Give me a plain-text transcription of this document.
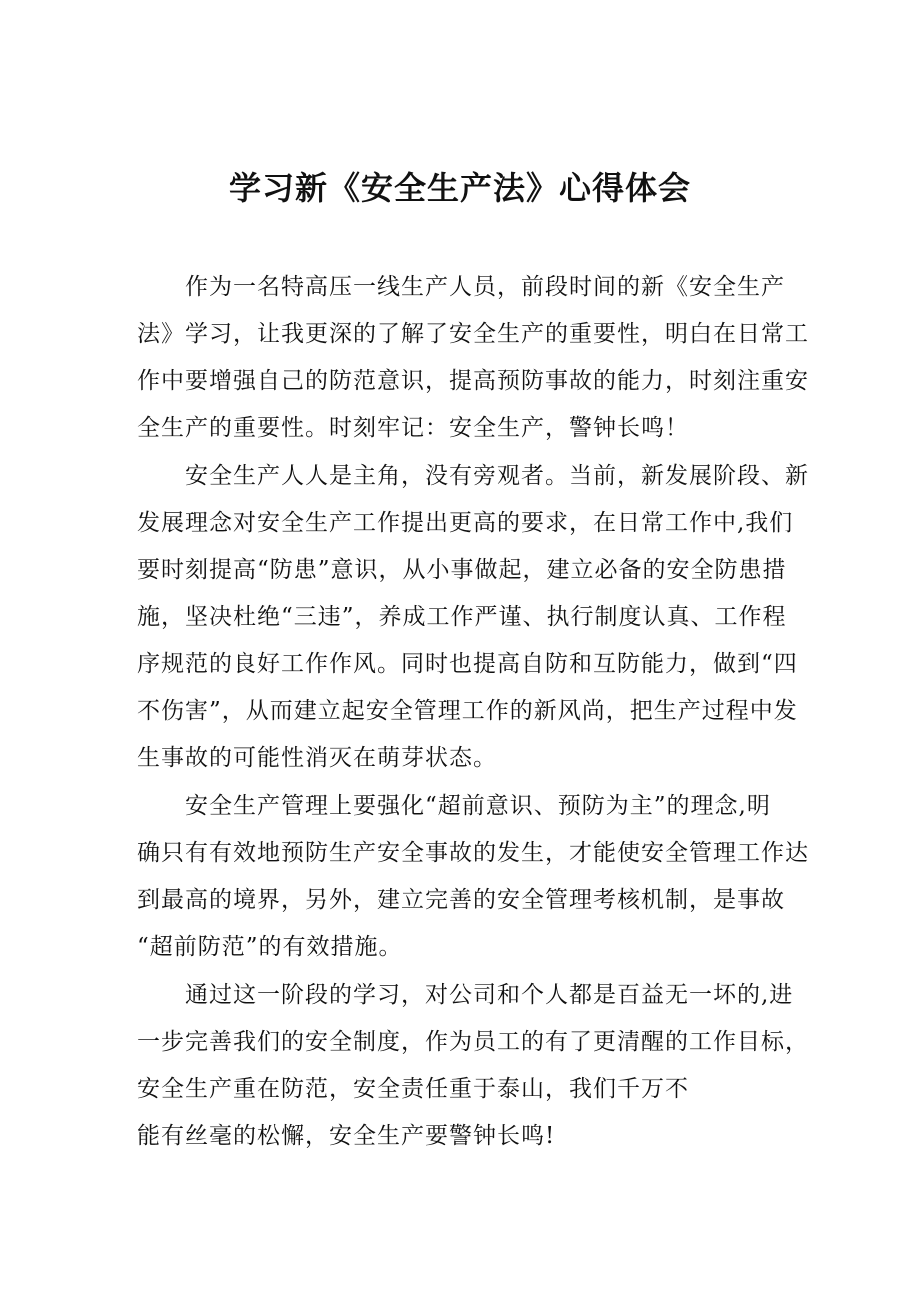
学习新《安全生产法》心得体会
作为一名特高压一线生产人员，前段时间的新《安全生产
法》学习，让我更深的了解了安全生产的重要性，明白在日常工
作中要增强自己的防范意识，提高预防事故的能力，时刻注重安
全生产的重要性。时刻牢记：安全生产，警钟长鸣！
安全生产人人是主角，没有旁观者。当前，新发展阶段、新
发展理念对安全生产工作提出更高的要求，在日常工作中,我们
要时刻提高“防患”意识，从小事做起，建立必备的安全防患措
施，坚决杜绝“三违”，养成工作严谨、执行制度认真、工作程
序规范的良好工作作风。同时也提高自防和互防能力，做到“四
不伤害”，从而建立起安全管理工作的新风尚，把生产过程中发
生事故的可能性消灭在萌芽状态。
安全生产管理上要强化“超前意识、预防为主”的理念,明
确只有有效地预防生产安全事故的发生，才能使安全管理工作达
到最高的境界，另外，建立完善的安全管理考核机制，是事故
“超前防范”的有效措施。
通过这一阶段的学习，对公司和个人都是百益无一坏的,进
一步完善我们的安全制度，作为员工的有了更清醒的工作目标，
安全生产重在防范，安全责任重于泰山，我们千万不
能有丝毫的松懈，安全生产要警钟长鸣!
